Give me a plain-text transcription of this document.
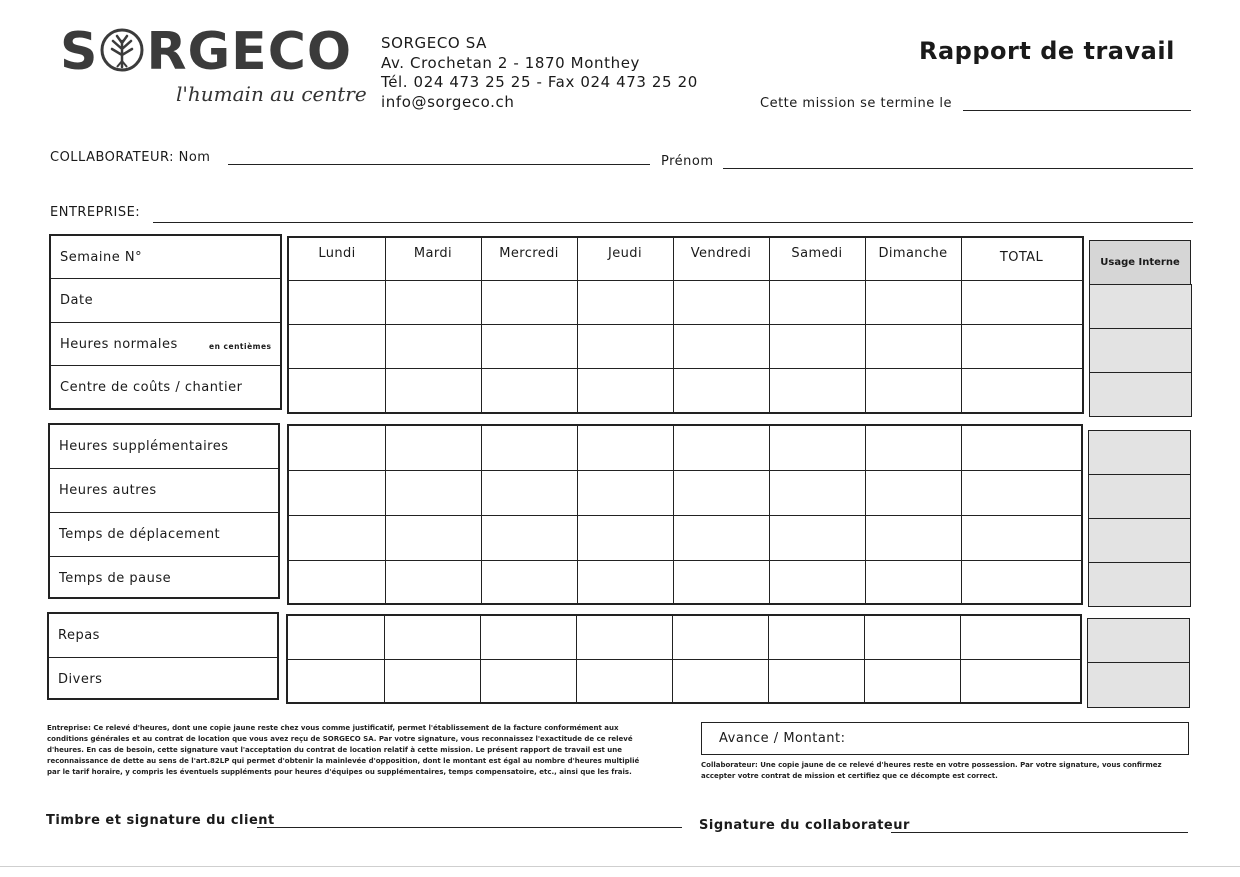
S RGECO
l'humain au centre
SORGECO SA
Av. Crochetan 2 - 1870 Monthey
Tél. 024 473 25 25 - Fax 024 473 25 20
info@sorgeco.ch
Rapport de travail
Cette mission se termine le
COLLABORATEUR: Nom	Prénom
ENTREPRISE:
Semaine N°
Date
Heures normales	en centièmes
Centre de coûts / chantier
Lundi	Mardi	Mercredi	Jeudi	Vendredi	Samedi	Dimanche	TOTAL	Usage Interne
Heures supplémentaires
Heures autres
Temps de déplacement
Temps de pause
Repas
Divers
Entreprise: Ce relevé d'heures, dont une copie jaune reste chez vous comme justificatif, permet l'établissement de la facture conformément aux
conditions générales et au contrat de location que vous avez reçu de SORGECO SA. Par votre signature, vous reconnaissez l'exactitude de ce relevé
d'heures. En cas de besoin, cette signature vaut l'acceptation du contrat de location relatif à cette mission. Le présent rapport de travail est une
reconnaissance de dette au sens de l'art.82LP qui permet d'obtenir la mainlevée d'opposition, dont le montant est égal au nombre d'heures multiplié
par le tarif horaire, y compris les éventuels suppléments pour heures d'équipes ou supplémentaires, temps compensatoire, etc., ainsi que les frais.
Avance / Montant:
Collaborateur: Une copie jaune de ce relevé d'heures reste en votre possession. Par votre signature, vous confirmez
accepter votre contrat de mission et certifiez que ce décompte est correct.
Timbre et signature du client	Signature du collaborateur
